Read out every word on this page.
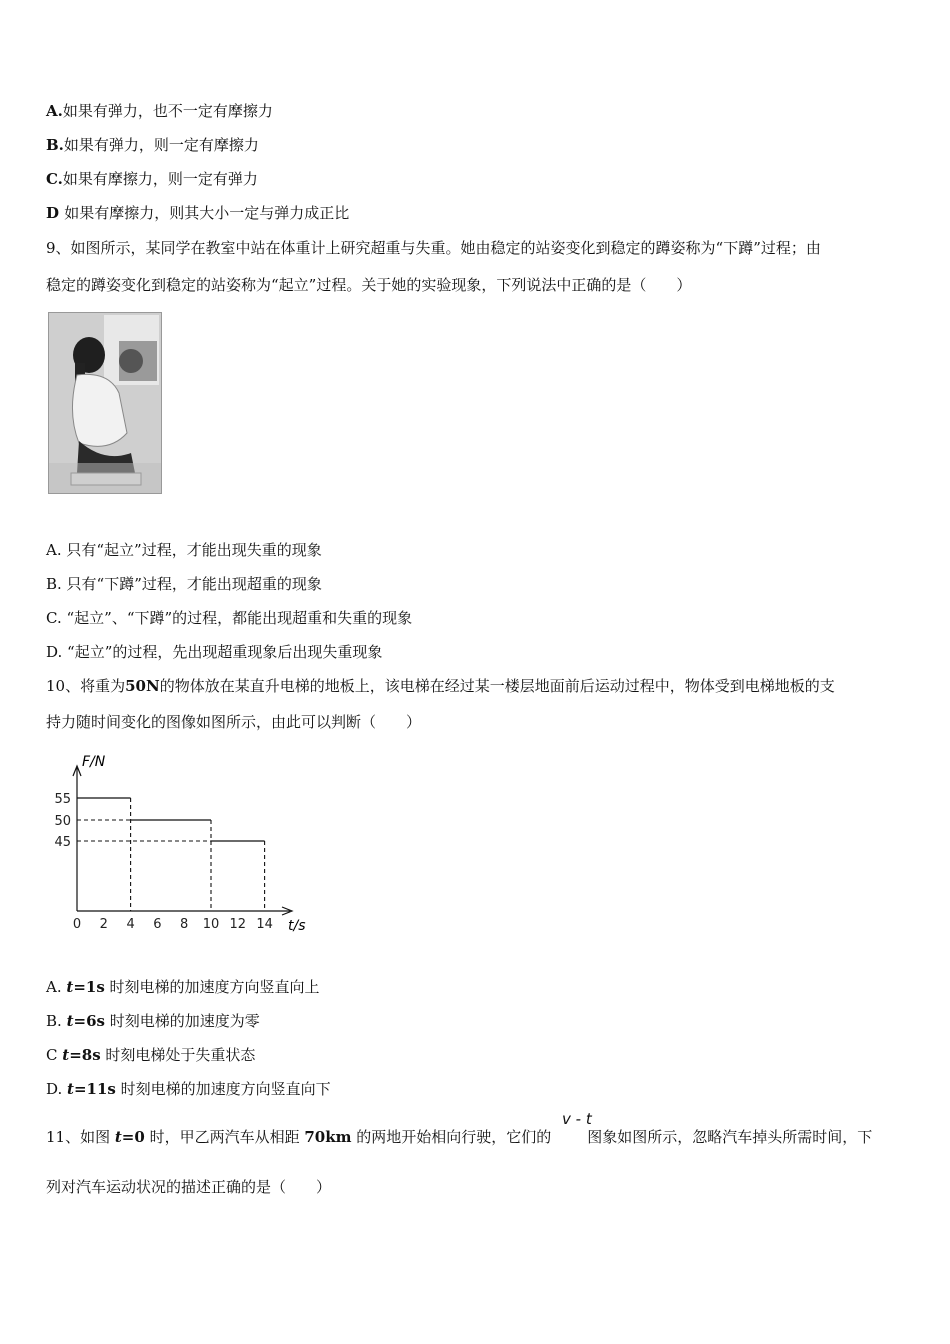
A.如果有弹力，也不一定有摩擦力
B.如果有弹力，则一定有摩擦力
C.如果有摩擦力，则一定有弹力
D 如果有摩擦力，则其大小一定与弹力成正比
9、如图所示，某同学在教室中站在体重计上研究超重与失重。她由稳定的站姿变化到稳定的蹲姿称为“下蹲”过程；由
稳定的蹲姿变化到稳定的站姿称为“起立”过程。关于她的实验现象，下列说法中正确的是（　　）
A. 只有“起立”过程，才能出现失重的现象
B. 只有“下蹲”过程，才能出现超重的现象
C. “起立”、“下蹲”的过程，都能出现超重和失重的现象
D. “起立”的过程，先出现超重现象后出现失重现象
10、将重为50N的物体放在某直升电梯的地板上，该电梯在经过某一楼层地面前后运动过程中，物体受到电梯地板的支
持力随时间变化的图像如图所示，由此可以判断（　　）
0 2 4 6 8 10 12 14
45
50
55
F/N
t/s
A. t=1s 时刻电梯的加速度方向竖直向上
B. t=6s 时刻电梯的加速度为零
C t=8s 时刻电梯处于失重状态
D. t=11s 时刻电梯的加速度方向竖直向下
11、如图 t=0 时，甲乙两汽车从相距 70km 的两地开始相向行驶，它们的 图象如图所示，忽略汽车掉头所需时间，下
v - t
列对汽车运动状况的描述正确的是（　　）
